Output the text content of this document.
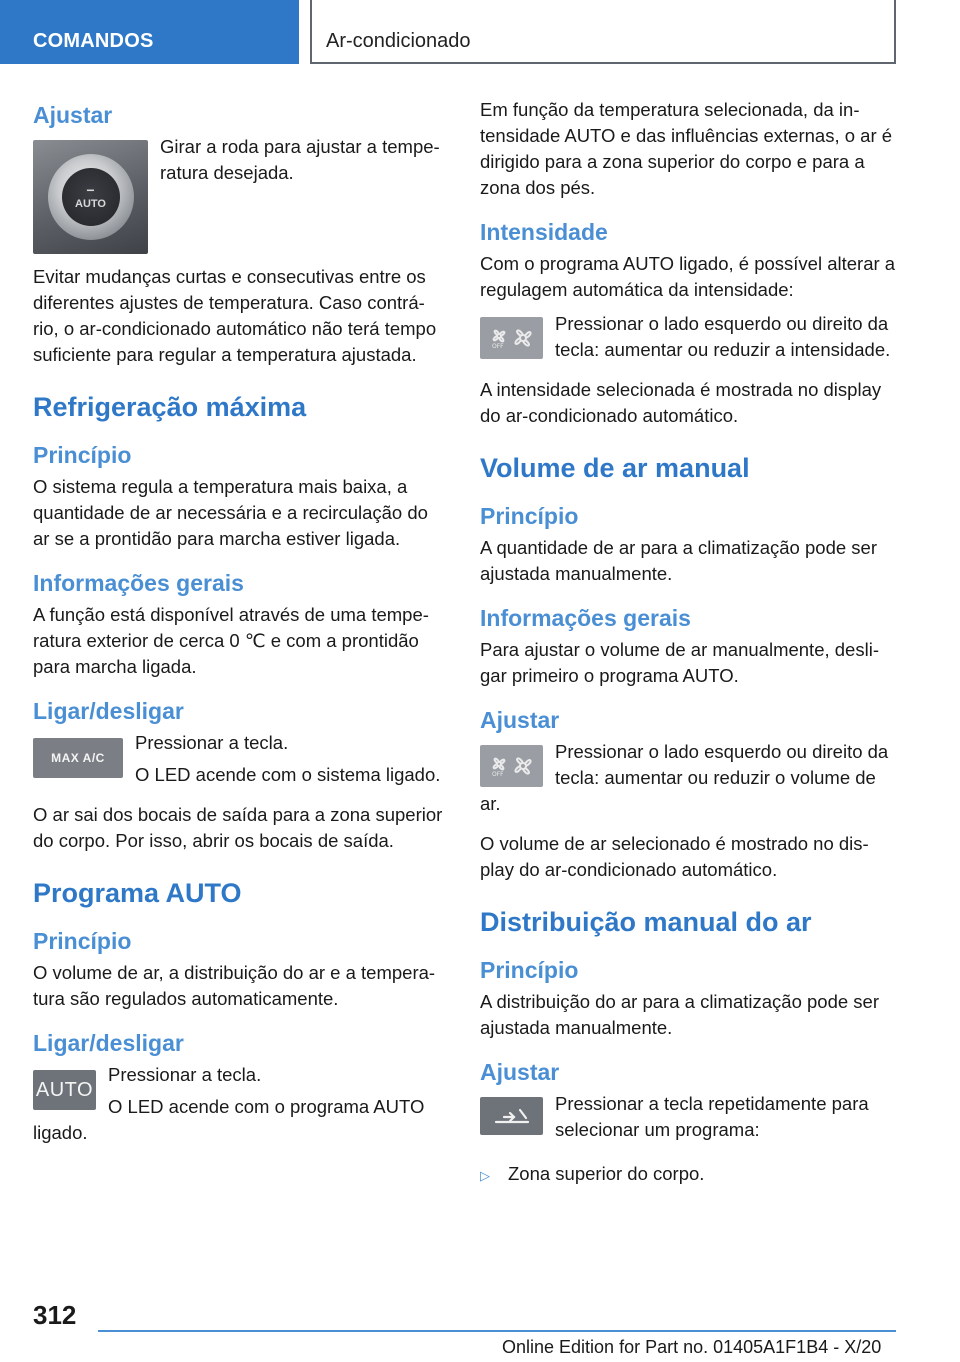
COMANDOS	Ar-condicionado
Ajustar
−
AUTO

Girar a roda para ajustar a tempe-ratura desejada.

Evitar mudanças curtas e consecutivas entre os diferentes ajustes de temperatura. Caso contrá-rio, o ar-condicionado automático não terá tempo suficiente para regular a temperatura ajustada.

Refrigeração máxima
Princípio

O sistema regula a temperatura mais baixa, a quantidade de ar necessária e a recirculação do ar se a prontidão para marcha estiver ligada.

Informações gerais

A função está disponível através de uma tempe-ratura exterior de cerca 0 ℃ e com a prontidão para marcha ligada.

Ligar/desligar
MAX A/C

Pressionar a tecla.

O LED acende com o sistema ligado.

O ar sai dos bocais de saída para a zona superior do corpo. Por isso, abrir os bocais de saída.

Programa AUTO
Princípio

O volume de ar, a distribuição do ar e a tempera-tura são regulados automaticamente.

Ligar/desligar
AUTO

Pressionar a tecla.

O LED acende com o programa AUTO ligado.

Em função da temperatura selecionada, da in-tensidade AUTO e das influências externas, o ar é dirigido para a zona superior do corpo e para a zona dos pés.

Intensidade

Com o programa AUTO ligado, é possível alterar a regulagem automática da intensidade:

OFF

Pressionar o lado esquerdo ou direito da tecla: aumentar ou reduzir a intensidade.

A intensidade selecionada é mostrada no display do ar-condicionado automático.

Volume de ar manual
Princípio

A quantidade de ar para a climatização pode ser ajustada manualmente.

Informações gerais

Para ajustar o volume de ar manualmente, desli-gar primeiro o programa AUTO.

Ajustar
OFF

Pressionar o lado esquerdo ou direito da tecla: aumentar ou reduzir o volume de ar.

O volume de ar selecionado é mostrado no dis-play do ar-condicionado automático.

Distribuição manual do ar
Princípio

A distribuição do ar para a climatização pode ser ajustada manualmente.

Ajustar

Pressionar a tecla repetidamente para selecionar um programa:

▷ Zona superior do corpo.
312
Online Edition for Part no. 01405A1F1B4 - X/20
